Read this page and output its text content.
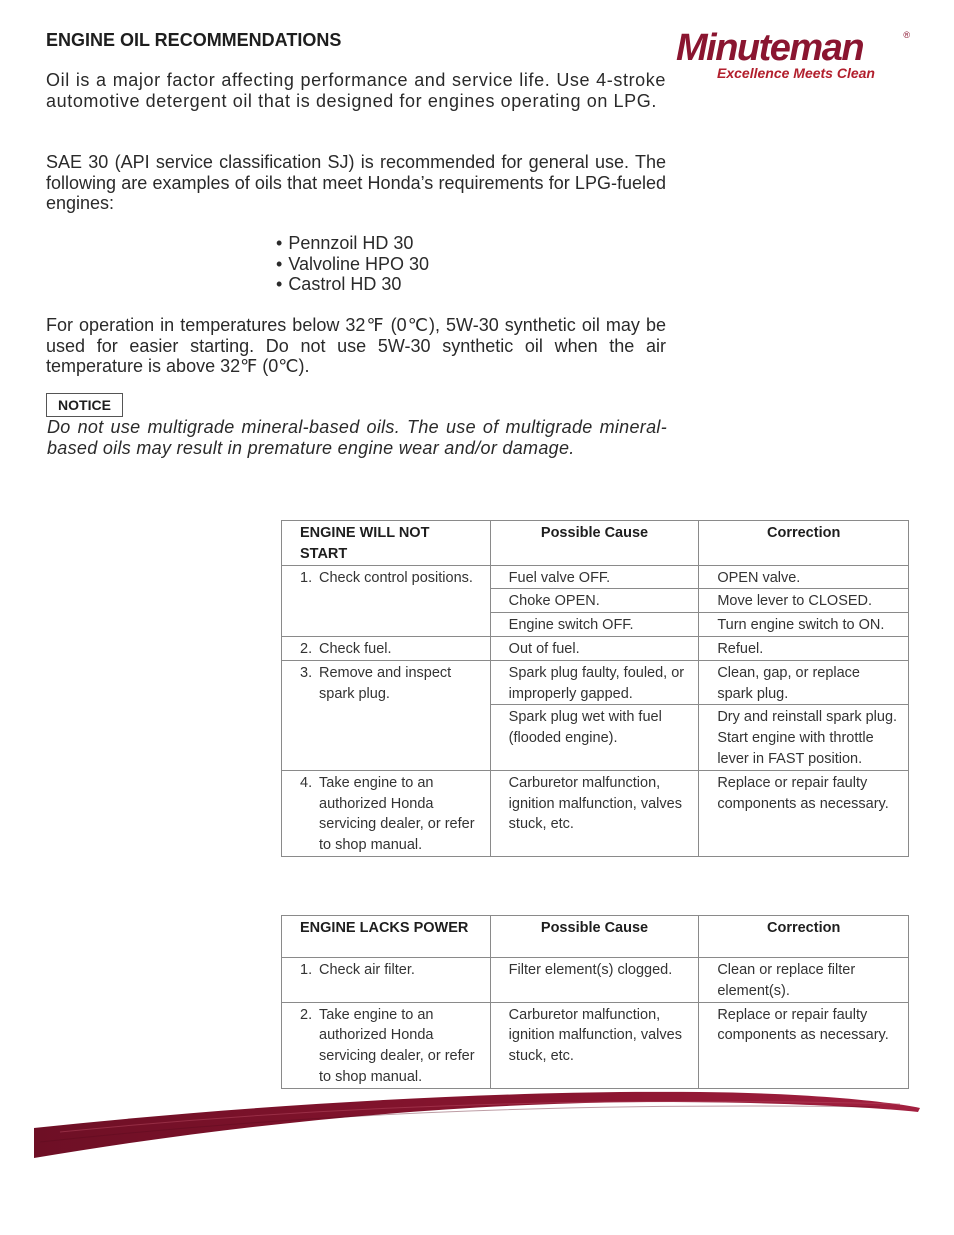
ENGINE OIL RECOMMENDATIONS	Minuteman	®
Excellence Meets Clean
Oil is a major factor affecting performance and service life. Use 4-stroke automotive detergent oil that is designed for engines operating on LPG.
SAE 30 (API service classification SJ) is recommended for general use. The following are examples of oils that meet Honda’s requirements for LPG-fueled engines:
• Pennzoil HD 30
• Valvoline HPO 30
• Castrol HD 30
For operation in temperatures below 32℉ (0℃), 5W-30 synthetic oil may be used for easier starting. Do not use 5W-30 synthetic oil when the air temperature is above 32℉ (0℃).
NOTICE
Do not use multigrade mineral-based oils. The use of multigrade mineral-based oils may result in premature engine wear and/or damage.
ENGINE WILL NOT START	Possible Cause	Correction

1. Check control positions.	Fuel valve OFF.	OPEN valve.
	Choke OPEN.	Move lever to CLOSED.
	Engine switch OFF.	Turn engine switch to ON.

2. Check fuel.	Out of fuel.	Refuel.

3. Remove and inspect spark plug.	Spark plug faulty, fouled, or improperly gapped.	Clean, gap, or replace spark plug.
	Spark plug wet with fuel (flooded engine).	Dry and reinstall spark plug. Start engine with throttle lever in FAST position.

4. Take engine to an authorized Honda servicing dealer, or refer to shop manual.	Carburetor malfunction, ignition malfunction, valves stuck, etc.	Replace or repair faulty components as necessary.
ENGINE LACKS POWER	Possible Cause	Correction

1. Check air filter.	Filter element(s) clogged.	Clean or replace filter element(s).

2. Take engine to an authorized Honda servicing dealer, or refer to shop manual.	Carburetor malfunction, ignition malfunction, valves stuck, etc.	Replace or repair faulty components as necessary.
